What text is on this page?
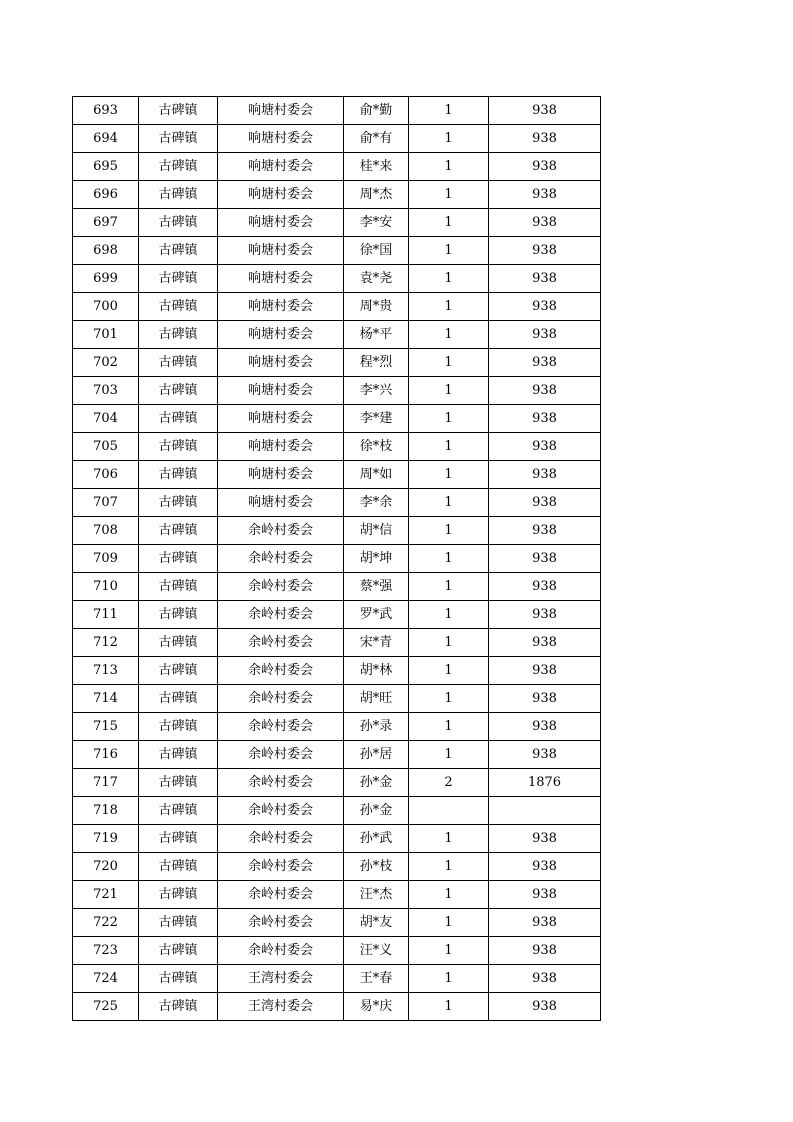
693	古碑镇	响塘村委会	俞*勤	1	938
694	古碑镇	响塘村委会	俞*有	1	938
695	古碑镇	响塘村委会	桂*来	1	938
696	古碑镇	响塘村委会	周*杰	1	938
697	古碑镇	响塘村委会	李*安	1	938
698	古碑镇	响塘村委会	徐*国	1	938
699	古碑镇	响塘村委会	袁*尧	1	938
700	古碑镇	响塘村委会	周*贵	1	938
701	古碑镇	响塘村委会	杨*平	1	938
702	古碑镇	响塘村委会	程*烈	1	938
703	古碑镇	响塘村委会	李*兴	1	938
704	古碑镇	响塘村委会	李*建	1	938
705	古碑镇	响塘村委会	徐*枝	1	938
706	古碑镇	响塘村委会	周*如	1	938
707	古碑镇	响塘村委会	李*余	1	938
708	古碑镇	余岭村委会	胡*信	1	938
709	古碑镇	余岭村委会	胡*坤	1	938
710	古碑镇	余岭村委会	蔡*强	1	938
711	古碑镇	余岭村委会	罗*武	1	938
712	古碑镇	余岭村委会	宋*青	1	938
713	古碑镇	余岭村委会	胡*林	1	938
714	古碑镇	余岭村委会	胡*旺	1	938
715	古碑镇	余岭村委会	孙*录	1	938
716	古碑镇	余岭村委会	孙*居	1	938
717	古碑镇	余岭村委会	孙*金	2	1876
718	古碑镇	余岭村委会	孙*金		
719	古碑镇	余岭村委会	孙*武	1	938
720	古碑镇	余岭村委会	孙*枝	1	938
721	古碑镇	余岭村委会	汪*杰	1	938
722	古碑镇	余岭村委会	胡*友	1	938
723	古碑镇	余岭村委会	汪*义	1	938
724	古碑镇	王湾村委会	王*春	1	938
725	古碑镇	王湾村委会	易*庆	1	938
